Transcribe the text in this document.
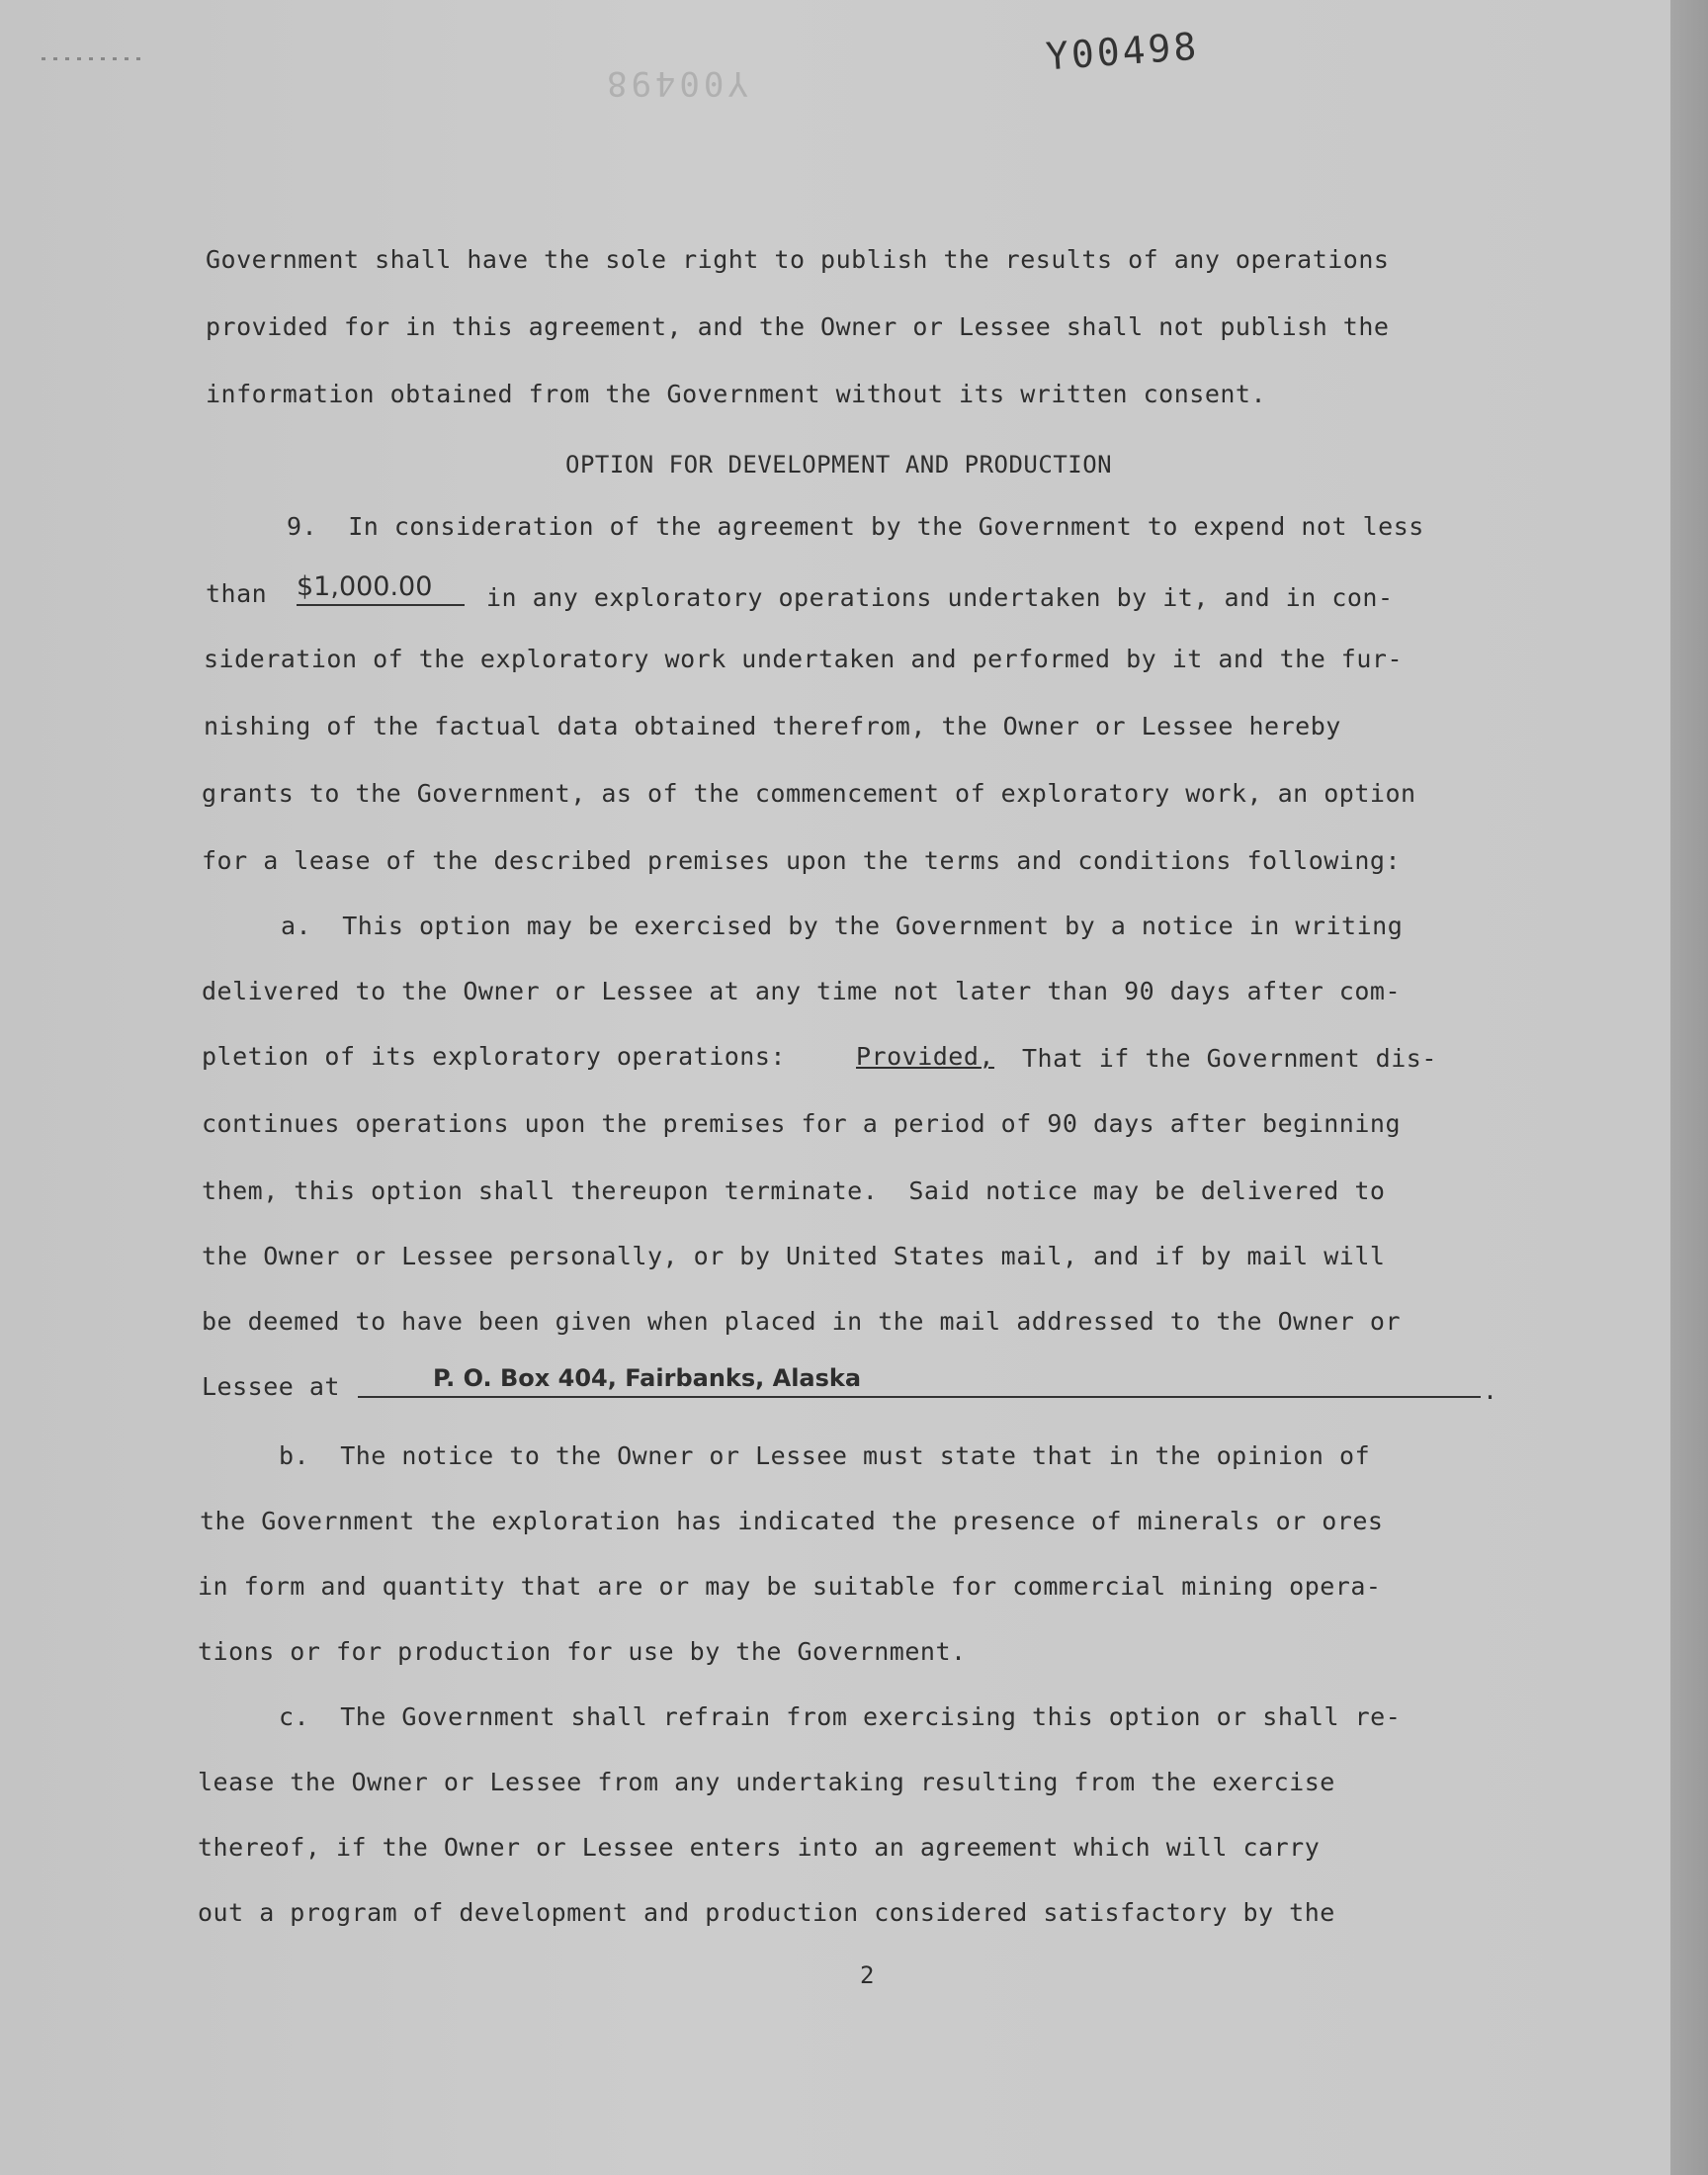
Y00498
Y00498
Government shall have the sole right to publish the results of any operations
provided for in this agreement, and the Owner or Lessee shall not publish the
information obtained from the Government without its written consent.
OPTION FOR DEVELOPMENT AND PRODUCTION
9.  In consideration of the agreement by the Government to expend not less
than $1,000.00	in any exploratory operations undertaken by it, and in con-
sideration of the exploratory work undertaken and performed by it and the fur-
nishing of the factual data obtained therefrom, the Owner or Lessee hereby
grants to the Government, as of the commencement of exploratory work, an option
for a lease of the described premises upon the terms and conditions following:
a.  This option may be exercised by the Government by a notice in writing
delivered to the Owner or Lessee at any time not later than 90 days after com-
pletion of its exploratory operations:	Provided, That if the Government dis-
continues operations upon the premises for a period of 90 days after beginning
them, this option shall thereupon terminate.  Said notice may be delivered to
the Owner or Lessee personally, or by United States mail, and if by mail will
be deemed to have been given when placed in the mail addressed to the Owner or
Lessee at	P. O. Box 404, Fairbanks, Alaska	.
b.  The notice to the Owner or Lessee must state that in the opinion of
the Government the exploration has indicated the presence of minerals or ores
in form and quantity that are or may be suitable for commercial mining opera-
tions or for production for use by the Government.
c.  The Government shall refrain from exercising this option or shall re-
lease the Owner or Lessee from any undertaking resulting from the exercise
thereof, if the Owner or Lessee enters into an agreement which will carry
out a program of development and production considered satisfactory by the
2
